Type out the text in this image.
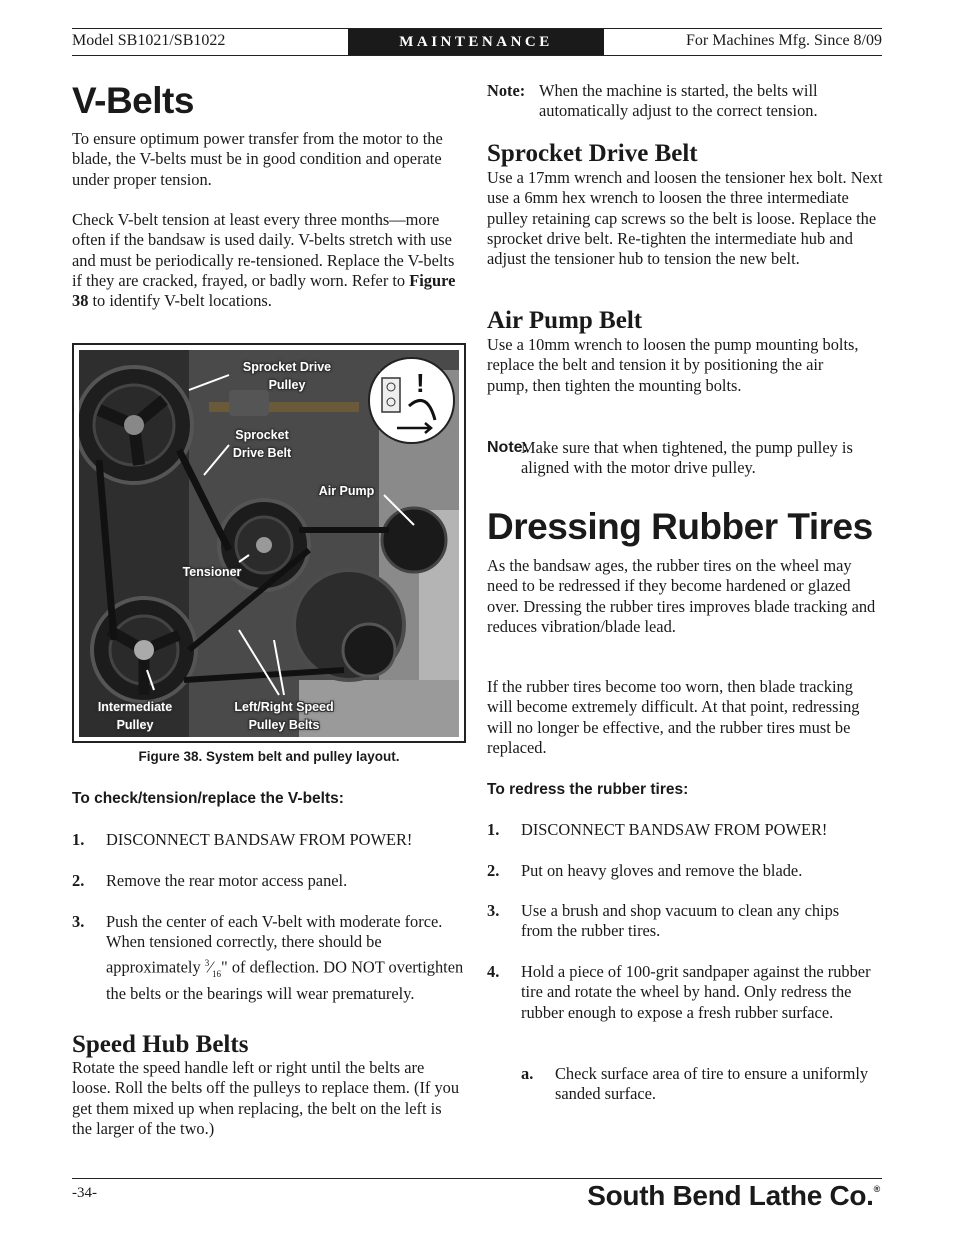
Model SB1021/SB1022	MAINTENANCE	For Machines Mfg. Since 8/09
V-Belts
To ensure optimum power transfer from the motor to the blade, the V-belts must be in good condition and operate under proper tension.
Check V-belt tension at least every three months—more often if the bandsaw is used daily. V-belts stretch with use and must be periodically re-tensioned. Replace the V-belts if they are cracked, frayed, or badly worn. Refer to Figure 38 to identify V-belt locations.
!
Sprocket Drive Pulley
Sprocket Drive Belt
Air Pump
Tensioner
Intermediate Pulley
Left/Right Speed Pulley Belts
Figure 38. System belt and pulley layout.
To check/tension/replace the V-belts:
1. DISCONNECT BANDSAW FROM POWER!
2. Remove the rear motor access panel.
3. Push the center of each V-belt with moderate force. When tensioned correctly, there should be approximately $^3⁄_{16}$" of deflection. DO NOT overtighten the belts or the bearings will wear prematurely.
Speed Hub Belts
Rotate the speed handle left or right until the belts are loose. Roll the belts off the pulleys to replace them. (If you get them mixed up when replacing, the belt on the left is the larger of the two.)
Note: When the machine is started, the belts will automatically adjust to the correct tension.
Sprocket Drive Belt
Use a 17mm wrench and loosen the tensioner hex bolt. Next use a 6mm hex wrench to loosen the three intermediate pulley retaining cap screws so the belt is loose. Replace the sprocket drive belt. Re-tighten the intermediate hub and adjust the tensioner hub to tension the new belt.
Air Pump Belt
Use a 10mm wrench to loosen the pump mounting bolts, replace the belt and tension it by positioning the air pump, then tighten the mounting bolts.
Note:
Make sure that when tightened, the pump pulley is aligned with the motor drive pulley.
Dressing Rubber Tires
As the bandsaw ages, the rubber tires on the wheel may need to be redressed if they become hardened or glazed over. Dressing the rubber tires improves blade tracking and reduces vibration/blade lead.
If the rubber tires become too worn, then blade tracking will become extremely difficult. At that point, redressing will no longer be effective, and the rubber tires must be replaced.
To redress the rubber tires:
1. DISCONNECT BANDSAW FROM POWER!
2. Put on heavy gloves and remove the blade.
3. Use a brush and shop vacuum to clean any chips from the rubber tires.
4. Hold a piece of 100-grit sandpaper against the rubber tire and rotate the wheel by hand. Only redress the rubber enough to expose a fresh rubber surface.
a. Check surface area of tire to ensure a uniformly sanded surface.
-34-	South Bend Lathe Co.®
